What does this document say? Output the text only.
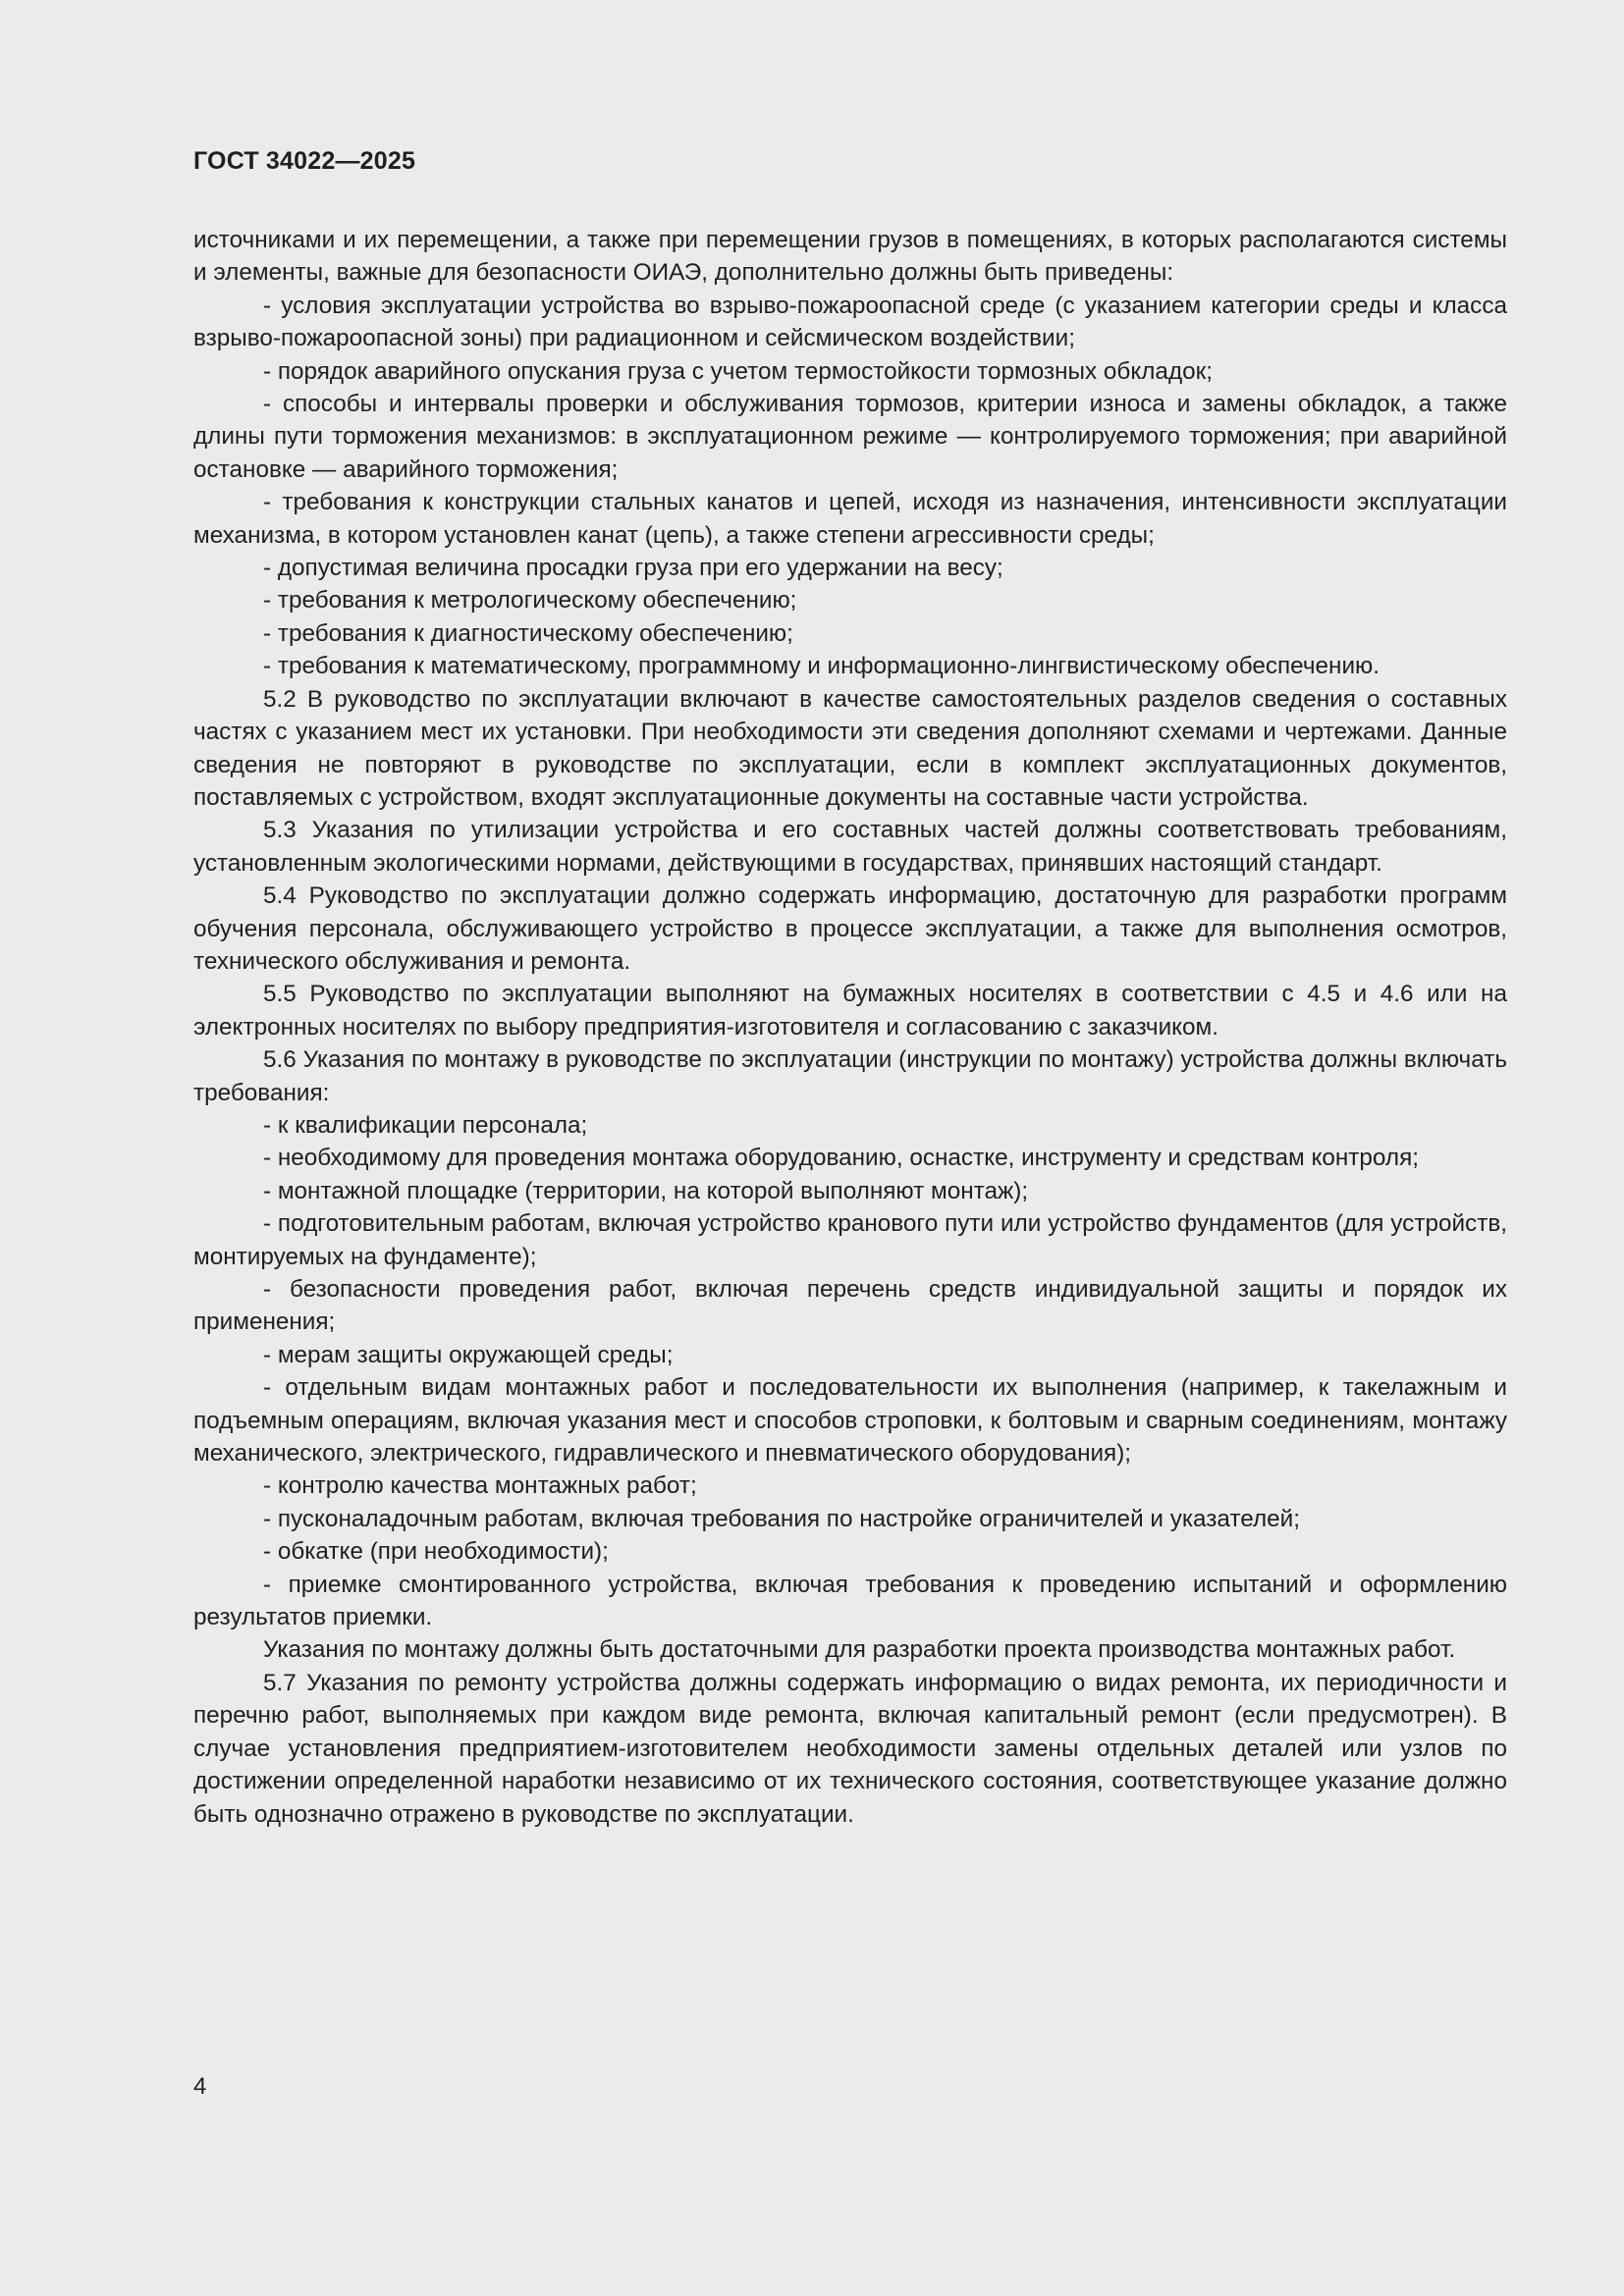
ГОСТ 34022—2025

источниками и их перемещении, а также при перемещении грузов в помещениях, в которых располагаются системы и элементы, важные для безопасности ОИАЭ, дополнительно должны быть приведены:

- условия эксплуатации устройства во взрыво-пожароопасной среде (с указанием категории среды и класса взрыво-пожароопасной зоны) при радиационном и сейсмическом воздействии;

- порядок аварийного опускания груза с учетом термостойкости тормозных обкладок;

- способы и интервалы проверки и обслуживания тормозов, критерии износа и замены обкладок, а также длины пути торможения механизмов: в эксплуатационном режиме — контролируемого торможения; при аварийной остановке — аварийного торможения;

- требования к конструкции стальных канатов и цепей, исходя из назначения, интенсивности эксплуатации механизма, в котором установлен канат (цепь), а также степени агрессивности среды;

- допустимая величина просадки груза при его удержании на весу;

- требования к метрологическому обеспечению;

- требования к диагностическому обеспечению;

- требования к математическому, программному и информационно-лингвистическому обеспечению.

5.2 В руководство по эксплуатации включают в качестве самостоятельных разделов сведения о составных частях с указанием мест их установки. При необходимости эти сведения дополняют схемами и чертежами. Данные сведения не повторяют в руководстве по эксплуатации, если в комплект эксплуатационных документов, поставляемых с устройством, входят эксплуатационные документы на составные части устройства.

5.3 Указания по утилизации устройства и его составных частей должны соответствовать требованиям, установленным экологическими нормами, действующими в государствах, принявших настоящий стандарт.

5.4 Руководство по эксплуатации должно содержать информацию, достаточную для разработки программ обучения персонала, обслуживающего устройство в процессе эксплуатации, а также для выполнения осмотров, технического обслуживания и ремонта.

5.5 Руководство по эксплуатации выполняют на бумажных носителях в соответствии с 4.5 и 4.6 или на электронных носителях по выбору предприятия-изготовителя и согласованию с заказчиком.

5.6 Указания по монтажу в руководстве по эксплуатации (инструкции по монтажу) устройства должны включать требования:

- к квалификации персонала;

- необходимому для проведения монтажа оборудованию, оснастке, инструменту и средствам контроля;

- монтажной площадке (территории, на которой выполняют монтаж);

- подготовительным работам, включая устройство кранового пути или устройство фундаментов (для устройств, монтируемых на фундаменте);

- безопасности проведения работ, включая перечень средств индивидуальной защиты и порядок их применения;

- мерам защиты окружающей среды;

- отдельным видам монтажных работ и последовательности их выполнения (например, к такелажным и подъемным операциям, включая указания мест и способов строповки, к болтовым и сварным соединениям, монтажу механического, электрического, гидравлического и пневматического оборудования);

- контролю качества монтажных работ;

- пусконаладочным работам, включая требования по настройке ограничителей и указателей;

- обкатке (при необходимости);

- приемке смонтированного устройства, включая требования к проведению испытаний и оформлению результатов приемки.

Указания по монтажу должны быть достаточными для разработки проекта производства монтажных работ.

5.7 Указания по ремонту устройства должны содержать информацию о видах ремонта, их периодичности и перечню работ, выполняемых при каждом виде ремонта, включая капитальный ремонт (если предусмотрен). В случае установления предприятием-изготовителем необходимости замены отдельных деталей или узлов по достижении определенной наработки независимо от их технического состояния, соответствующее указание должно быть однозначно отражено в руководстве по эксплуатации.

4
